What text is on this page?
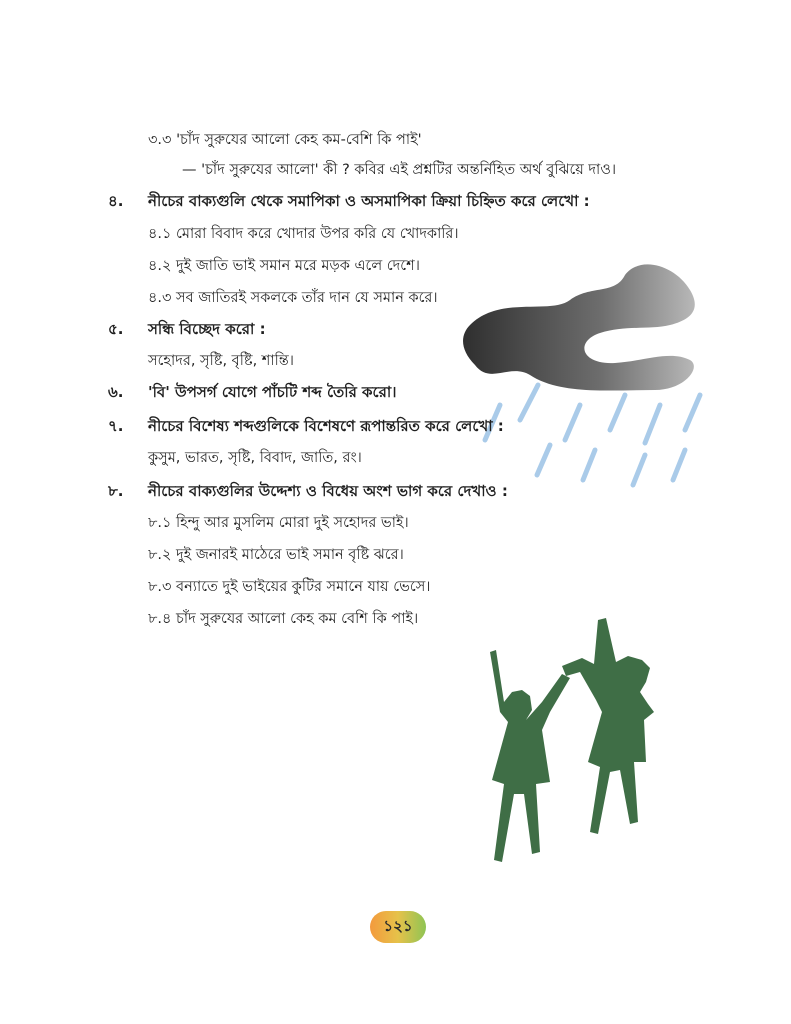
৩.৩ 'চাঁদ সুরুযের আলো কেহ কম-বেশি কি পাই'
— 'চাঁদ সুরুযের আলো' কী ? কবির এই প্রশ্নটির অন্তর্নিহিত অর্থ বুঝিয়ে দাও।
৪. নীচের বাক্যগুলি থেকে সমাপিকা ও অসমাপিকা ক্রিয়া চিহ্নিত করে লেখো :
৪.১ মোরা বিবাদ করে খোদার উপর করি যে খোদকারি।
৪.২ দুই জাতি ভাই সমান মরে মড়ক এলে দেশে।
৪.৩ সব জাতিরই সকলকে তাঁর দান যে সমান করে।
৫. সন্ধি বিচ্ছেদ করো :
সহোদর, সৃষ্টি, বৃষ্টি, শান্তি।
৬. 'বি' উপসর্গ যোগে পাঁচটি শব্দ তৈরি করো।
৭. নীচের বিশেষ্য শব্দগুলিকে বিশেষণে রূপান্তরিত করে লেখো :
কুসুম, ভারত, সৃষ্টি, বিবাদ, জাতি, রং।
৮. নীচের বাক্যগুলির উদ্দেশ্য ও বিধেয় অংশ ভাগ করে দেখাও :
৮.১ হিন্দু আর মুসলিম মোরা দুই সহোদর ভাই।
৮.২ দুই জনারই মাঠেরে ভাই সমান বৃষ্টি ঝরে।
৮.৩ বন্যাতে দুই ভাইয়ের কুটির সমানে যায় ভেসে।
৮.৪ চাঁদ সুরুযের আলো কেহ কম বেশি কি পাই।
১২১
